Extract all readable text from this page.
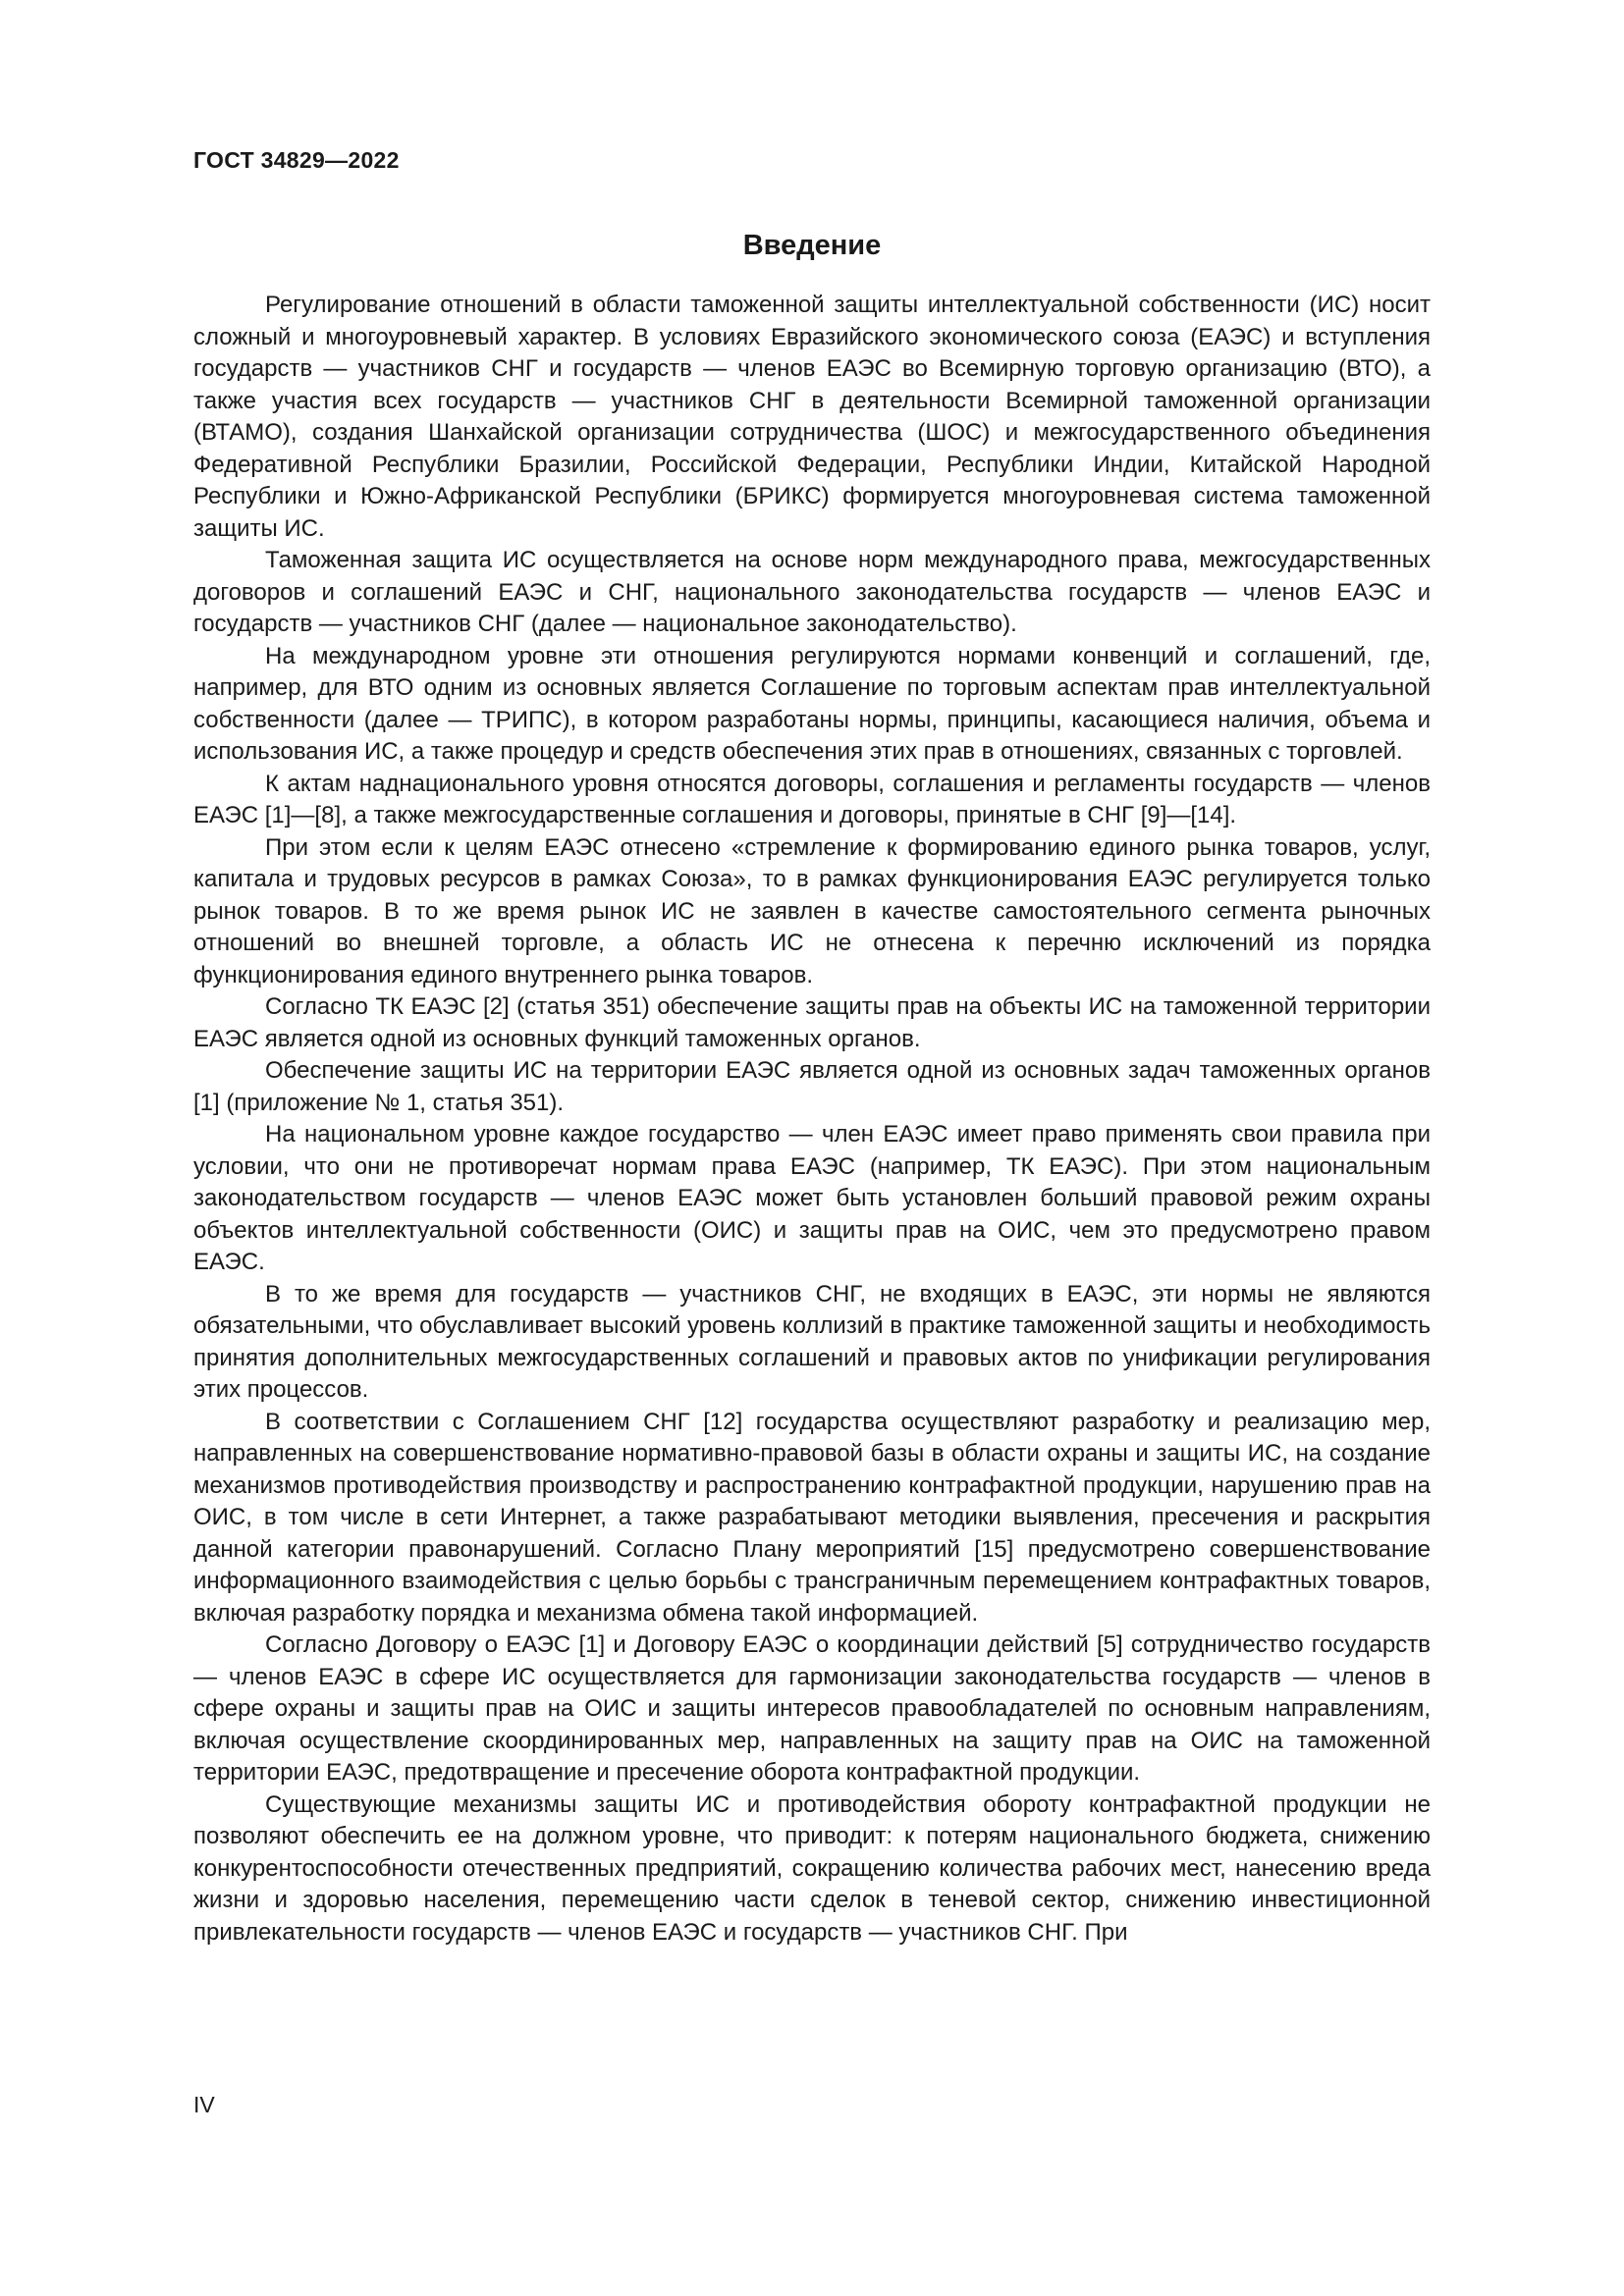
ГОСТ 34829—2022
Введение

Регулирование отношений в области таможенной защиты интеллектуальной собственности (ИС) носит сложный и многоуровневый характер. В условиях Евразийского экономического союза (ЕАЭС) и вступления государств — участников СНГ и государств — членов ЕАЭС во Всемирную торговую организацию (ВТО), а также участия всех государств — участников СНГ в деятельности Всемирной таможенной организации (ВТАМО), создания Шанхайской организации сотрудничества (ШОС) и межгосударственного объединения Федеративной Республики Бразилии, Российской Федерации, Республики Индии, Китайской Народной Республики и Южно-Африканской Республики (БРИКС) формируется многоуровневая система таможенной защиты ИС.

Таможенная защита ИС осуществляется на основе норм международного права, межгосударственных договоров и соглашений ЕАЭС и СНГ, национального законодательства государств — членов ЕАЭС и государств — участников СНГ (далее — национальное законодательство).

На международном уровне эти отношения регулируются нормами конвенций и соглашений, где, например, для ВТО одним из основных является Соглашение по торговым аспектам прав интеллектуальной собственности (далее — ТРИПС), в котором разработаны нормы, принципы, касающиеся наличия, объема и использования ИС, а также процедур и средств обеспечения этих прав в отношениях, связанных с торговлей.

К актам наднационального уровня относятся договоры, соглашения и регламенты государств — членов ЕАЭС [1]—[8], а также межгосударственные соглашения и договоры, принятые в СНГ [9]—[14].

При этом если к целям ЕАЭС отнесено «стремление к формированию единого рынка товаров, услуг, капитала и трудовых ресурсов в рамках Союза», то в рамках функционирования ЕАЭС регулируется только рынок товаров. В то же время рынок ИС не заявлен в качестве самостоятельного сегмента рыночных отношений во внешней торговле, а область ИС не отнесена к перечню исключений из порядка функционирования единого внутреннего рынка товаров.

Согласно ТК ЕАЭС [2] (статья 351) обеспечение защиты прав на объекты ИС на таможенной территории ЕАЭС является одной из основных функций таможенных органов.

Обеспечение защиты ИС на территории ЕАЭС является одной из основных задач таможенных органов [1] (приложение № 1, статья 351).

На национальном уровне каждое государство — член ЕАЭС имеет право применять свои правила при условии, что они не противоречат нормам права ЕАЭС (например, ТК ЕАЭС). При этом национальным законодательством государств — членов ЕАЭС может быть установлен больший правовой режим охраны объектов интеллектуальной собственности (ОИС) и защиты прав на ОИС, чем это предусмотрено правом ЕАЭС.

В то же время для государств — участников СНГ, не входящих в ЕАЭС, эти нормы не являются обязательными, что обуславливает высокий уровень коллизий в практике таможенной защиты и необходимость принятия дополнительных межгосударственных соглашений и правовых актов по унификации регулирования этих процессов.

В соответствии с Соглашением СНГ [12] государства осуществляют разработку и реализацию мер, направленных на совершенствование нормативно-правовой базы в области охраны и защиты ИС, на создание механизмов противодействия производству и распространению контрафактной продукции, нарушению прав на ОИС, в том числе в сети Интернет, а также разрабатывают методики выявления, пресечения и раскрытия данной категории правонарушений. Согласно Плану мероприятий [15] предусмотрено совершенствование информационного взаимодействия с целью борьбы с трансграничным перемещением контрафактных товаров, включая разработку порядка и механизма обмена такой информацией.

Согласно Договору о ЕАЭС [1] и Договору ЕАЭС о координации действий [5] сотрудничество государств — членов ЕАЭС в сфере ИС осуществляется для гармонизации законодательства государств — членов в сфере охраны и защиты прав на ОИС и защиты интересов правообладателей по основным направлениям, включая осуществление скоординированных мер, направленных на защиту прав на ОИС на таможенной территории ЕАЭС, предотвращение и пресечение оборота контрафактной продукции.

Существующие механизмы защиты ИС и противодействия обороту контрафактной продукции не позволяют обеспечить ее на должном уровне, что приводит: к потерям национального бюджета, снижению конкурентоспособности отечественных предприятий, сокращению количества рабочих мест, нанесению вреда жизни и здоровью населения, перемещению части сделок в теневой сектор, снижению инвестиционной привлекательности государств — членов ЕАЭС и государств — участников СНГ. При

IV
